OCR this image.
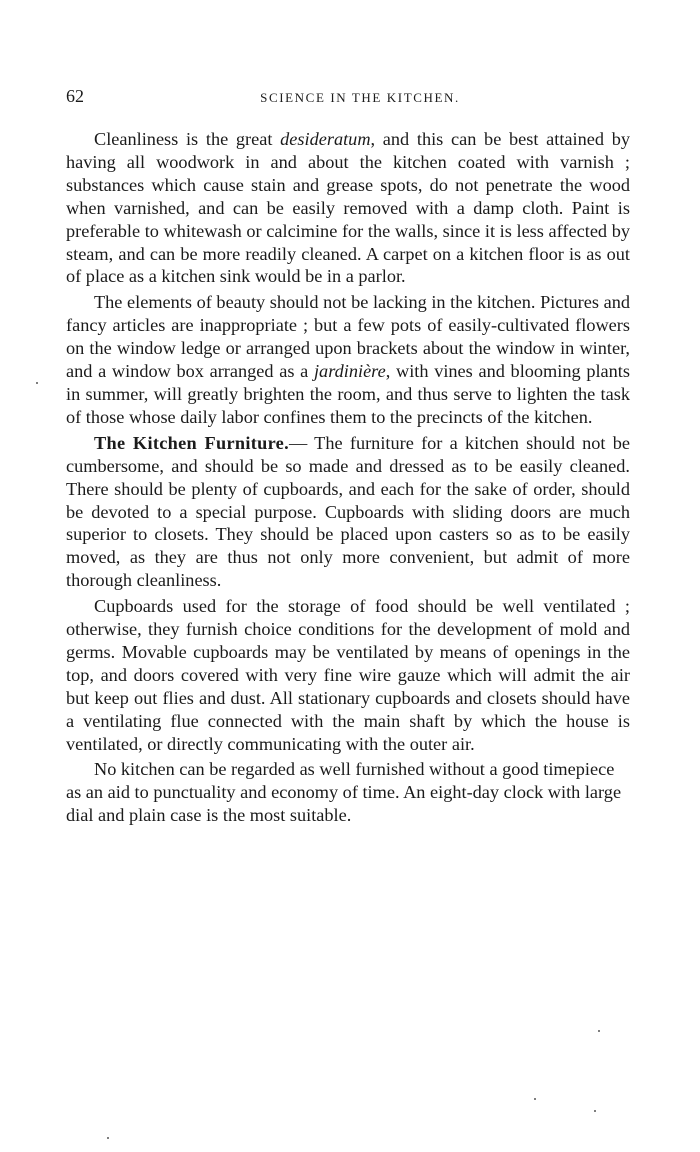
62	SCIENCE IN THE KITCHEN.

Cleanliness is the great desideratum, and this can be best attained by having all woodwork in and about the kitchen coated with varnish ; substances which cause stain and grease spots, do not penetrate the wood when varnished, and can be easily removed with a damp cloth. Paint is preferable to whitewash or calcimine for the walls, since it is less affected by steam, and can be more readily cleaned. A carpet on a kitchen floor is as out of place as a kitchen sink would be in a parlor.

The elements of beauty should not be lacking in the kitchen. Pictures and fancy articles are inappropriate ; but a few pots of easily-cultivated flowers on the window ledge or arranged upon brackets about the window in winter, and a window box arranged as a jardinière, with vines and blooming plants in summer, will greatly brighten the room, and thus serve to lighten the task of those whose daily labor confines them to the precincts of the kitchen.

The Kitchen Furniture.— The furniture for a kitchen should not be cumbersome, and should be so made and dressed as to be easily cleaned. There should be plenty of cupboards, and each for the sake of order, should be devoted to a special purpose. Cupboards with sliding doors are much superior to closets. They should be placed upon casters so as to be easily moved, as they are thus not only more convenient, but admit of more thorough cleanliness.

Cupboards used for the storage of food should be well ventilated ; otherwise, they furnish choice conditions for the development of mold and germs. Movable cupboards may be ventilated by means of openings in the top, and doors covered with very fine wire gauze which will admit the air but keep out flies and dust. All stationary cupboards and closets should have a ventilating flue connected with the main shaft by which the house is ventilated, or directly communicating with the outer air.

No kitchen can be regarded as well furnished without a good timepiece as an aid to punctuality and economy of time. An eight-day clock with large dial and plain case is the most suitable.
